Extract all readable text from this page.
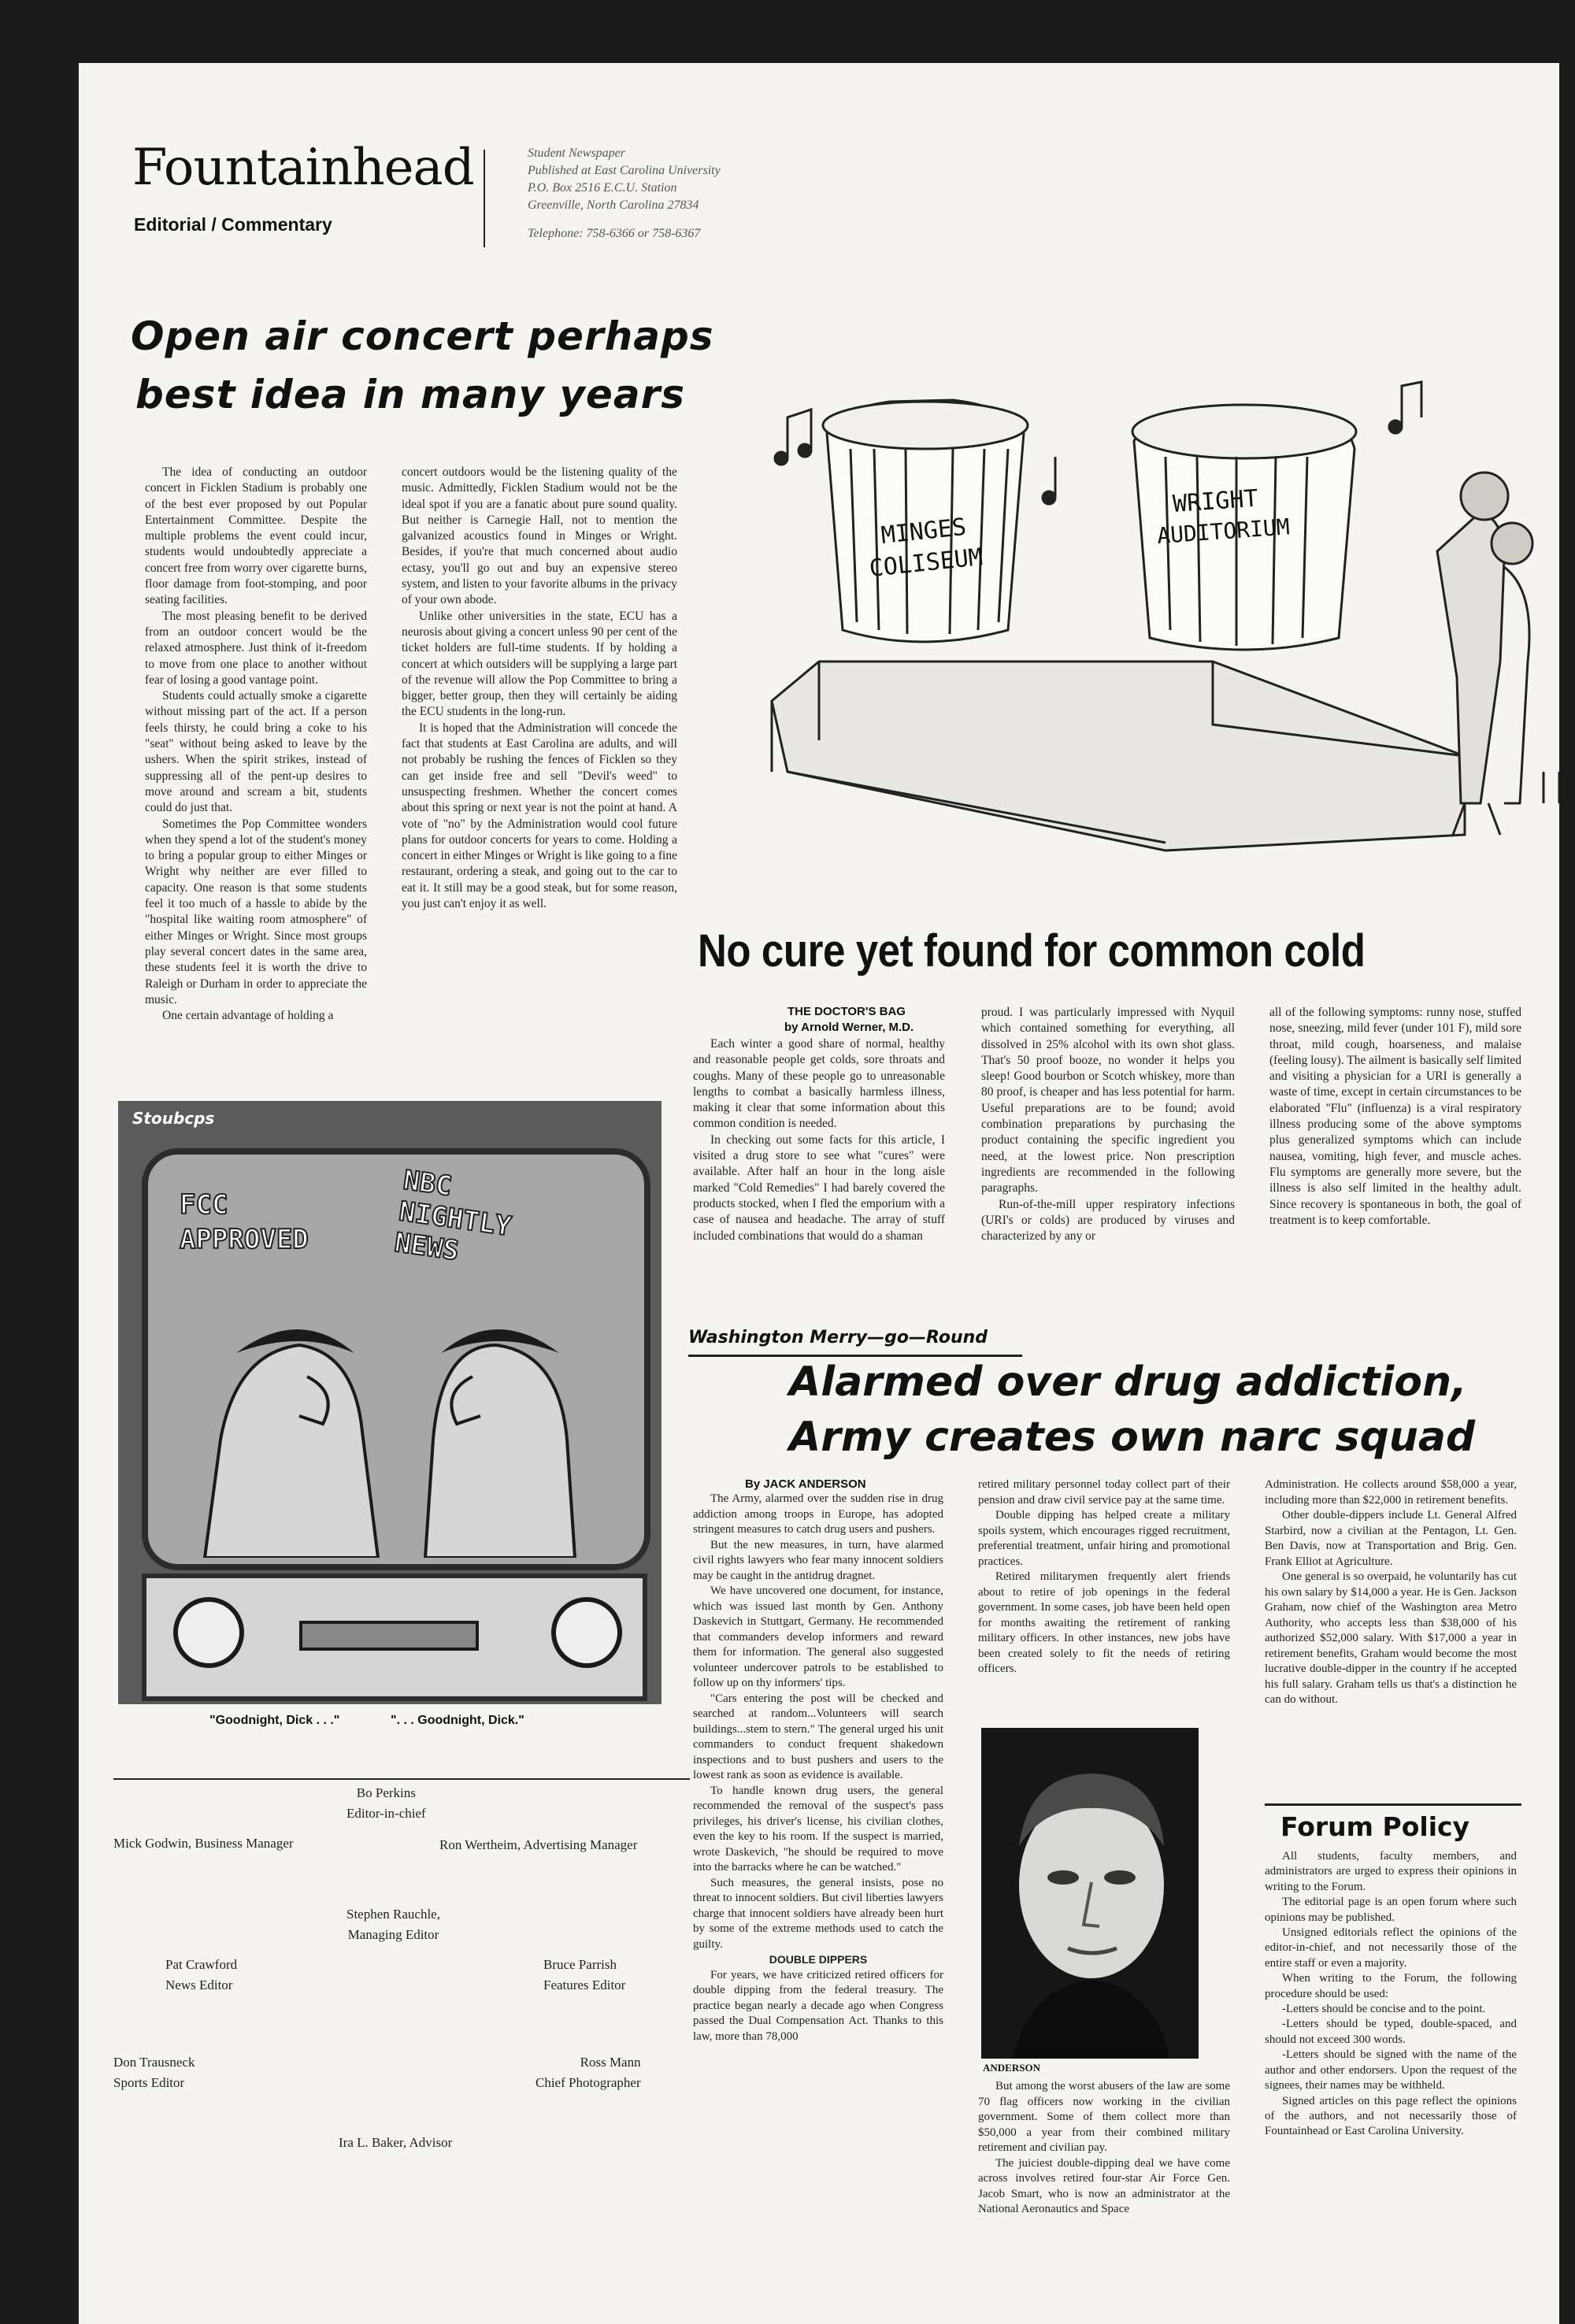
Fountainhead
Editorial / Commentary
Student Newspaper
Published at East Carolina University
P.O. Box 2516 E.C.U. Station
Greenville, North Carolina 27834
Telephone: 758-6366 or 758-6367
Open air concert perhaps
best idea in many years

The idea of conducting an outdoor concert in Ficklen Stadium is probably one of the best ever proposed by out Popular Entertainment Committee. Despite the multiple problems the event could incur, students would undoubtedly appreciate a concert free from worry over cigarette burns, floor damage from foot-stomping, and poor seating facilities.

The most pleasing benefit to be derived from an outdoor concert would be the relaxed atmosphere. Just think of it-freedom to move from one place to another without fear of losing a good vantage point.

Students could actually smoke a cigarette without missing part of the act. If a person feels thirsty, he could bring a coke to his "seat" without being asked to leave by the ushers. When the spirit strikes, instead of suppressing all of the pent-up desires to move around and scream a bit, students could do just that.

Sometimes the Pop Committee wonders when they spend a lot of the student's money to bring a popular group to either Minges or Wright why neither are ever filled to capacity. One reason is that some students feel it too much of a hassle to abide by the "hospital like waiting room atmosphere" of either Minges or Wright. Since most groups play several concert dates in the same area, these students feel it is worth the drive to Raleigh or Durham in order to appreciate the music.

One certain advantage of holding a

concert outdoors would be the listening quality of the music. Admittedly, Ficklen Stadium would not be the ideal spot if you are a fanatic about pure sound quality. But neither is Carnegie Hall, not to mention the galvanized acoustics found in Minges or Wright. Besides, if you're that much concerned about audio ectasy, you'll go out and buy an expensive stereo system, and listen to your favorite albums in the privacy of your own abode.

Unlike other universities in the state, ECU has a neurosis about giving a concert unless 90 per cent of the ticket holders are full-time students. If by holding a concert at which outsiders will be supplying a large part of the revenue will allow the Pop Committee to bring a bigger, better group, then they will certainly be aiding the ECU students in the long-run.

It is hoped that the Administration will concede the fact that students at East Carolina are adults, and will not probably be rushing the fences of Ficklen so they can get inside free and sell "Devil's weed" to unsuspecting freshmen. Whether the concert comes about this spring or next year is not the point at hand. A vote of "no" by the Administration would cool future plans for outdoor concerts for years to come. Holding a concert in either Minges or Wright is like going to a fine restaurant, ordering a steak, and going out to the car to eat it. It still may be a good steak, but for some reason, you just can't enjoy it as well.

MINGES
COLISEUM
WRIGHT
AUDITORIUM
No cure yet found for common cold
THE DOCTOR'S BAG
by Arnold Werner, M.D.

Each winter a good share of normal, healthy and reasonable people get colds, sore throats and coughs. Many of these people go to unreasonable lengths to combat a basically harmless illness, making it clear that some information about this common condition is needed.

In checking out some facts for this article, I visited a drug store to see what "cures" were available. After half an hour in the long aisle marked "Cold Remedies" I had barely covered the products stocked, when I fled the emporium with a case of nausea and headache. The array of stuff included combinations that would do a shaman

proud. I was particularly impressed with Nyquil which contained something for everything, all dissolved in 25% alcohol with its own shot glass. That's 50 proof booze, no wonder it helps you sleep! Good bourbon or Scotch whiskey, more than 80 proof, is cheaper and has less potential for harm. Useful preparations are to be found; avoid combination preparations by purchasing the product containing the specific ingredient you need, at the lowest price. Non prescription ingredients are recommended in the following paragraphs.

Run-of-the-mill upper respiratory infections (URI's or colds) are produced by viruses and characterized by any or

all of the following symptoms: runny nose, stuffed nose, sneezing, mild fever (under 101 F), mild sore throat, mild cough, hoarseness, and malaise (feeling lousy). The ailment is basically self limited and visiting a physician for a URI is generally a waste of time, except in certain circumstances to be elaborated "Flu" (influenza) is a viral respiratory illness producing some of the above symptoms plus generalized symptoms which can include nausea, vomiting, high fever, and muscle aches. Flu symptoms are generally more severe, but the illness is also self limited in the healthy adult. Since recovery is spontaneous in both, the goal of treatment is to keep comfortable.

Stoubcps
FCC APPROVED
NBC NIGHTLY NEWS
"Goodnight, Dick . . ."	". . . Goodnight, Dick."
Bo Perkins
Editor-in-chief
Mick Godwin, Business Manager	Ron Wertheim, Advertising Manager
Stephen Rauchle,
Managing Editor
Pat Crawford
News Editor
Bruce Parrish
Features Editor
Don Trausneck
Sports Editor
Ross Mann
Chief Photographer
Ira L. Baker, Advisor
Washington Merry—go—Round
Alarmed over drug addiction,
Army creates own narc squad
By JACK ANDERSON

The Army, alarmed over the sudden rise in drug addiction among troops in Europe, has adopted stringent measures to catch drug users and pushers.

But the new measures, in turn, have alarmed civil rights lawyers who fear many innocent soldiers may be caught in the antidrug dragnet.

We have uncovered one document, for instance, which was issued last month by Gen. Anthony Daskevich in Stuttgart, Germany. He recommended that commanders develop informers and reward them for information. The general also suggested volunteer undercover patrols to be established to follow up on thy informers' tips.

"Cars entering the post will be checked and searched at random...Volunteers will search buildings...stem to stern." The general urged his unit commanders to conduct frequent shakedown inspections and to bust pushers and users to the lowest rank as soon as evidence is available.

To handle known drug users, the general recommended the removal of the suspect's pass privileges, his driver's license, his civilian clothes, even the key to his room. If the suspect is married, wrote Daskevich, "he should be required to move into the barracks where he can be watched."

Such measures, the general insists, pose no threat to innocent soldiers. But civil liberties lawyers charge that innocent soldiers have already been hurt by some of the extreme methods used to catch the guilty.

DOUBLE DIPPERS

For years, we have criticized retired officers for double dipping from the federal treasury. The practice began nearly a decade ago when Congress passed the Dual Compensation Act. Thanks to this law, more than 78,000

retired military personnel today collect part of their pension and draw civil service pay at the same time.

Double dipping has helped create a military spoils system, which encourages rigged recruitment, preferential treatment, unfair hiring and promotional practices.

Retired militarymen frequently alert friends about to retire of job openings in the federal government. In some cases, job have been held open for months awaiting the retirement of ranking military officers. In other instances, new jobs have been created solely to fit the needs of retiring officers.

ANDERSON

But among the worst abusers of the law are some 70 flag officers now working in the civilian government. Some of them collect more than $50,000 a year from their combined military retirement and civilian pay.

The juiciest double-dipping deal we have come across involves retired four-star Air Force Gen. Jacob Smart, who is now an administrator at the National Aeronautics and Space

Administration. He collects around $58,000 a year, including more than $22,000 in retirement benefits.

Other double-dippers include Lt. General Alfred Starbird, now a civilian at the Pentagon, Lt. Gen. Ben Davis, now at Transportation and Brig. Gen. Frank Elliot at Agriculture.

One general is so overpaid, he voluntarily has cut his own salary by $14,000 a year. He is Gen. Jackson Graham, now chief of the Washington area Metro Authority, who accepts less than $38,000 of his authorized $52,000 salary. With $17,000 a year in retirement benefits, Graham would become the most lucrative double-dipper in the country if he accepted his full salary. Graham tells us that's a distinction he can do without.

Forum Policy

All students, faculty members, and administrators are urged to express their opinions in writing to the Forum.

The editorial page is an open forum where such opinions may be published.

Unsigned editorials reflect the opinions of the editor-in-chief, and not necessarily those of the entire staff or even a majority.

When writing to the Forum, the following procedure should be used:

-Letters should be concise and to the point.

-Letters should be typed, double-spaced, and should not exceed 300 words.

-Letters should be signed with the name of the author and other endorsers. Upon the request of the signees, their names may be withheld.

Signed articles on this page reflect the opinions of the authors, and not necessarily those of Fountainhead or East Carolina University.
